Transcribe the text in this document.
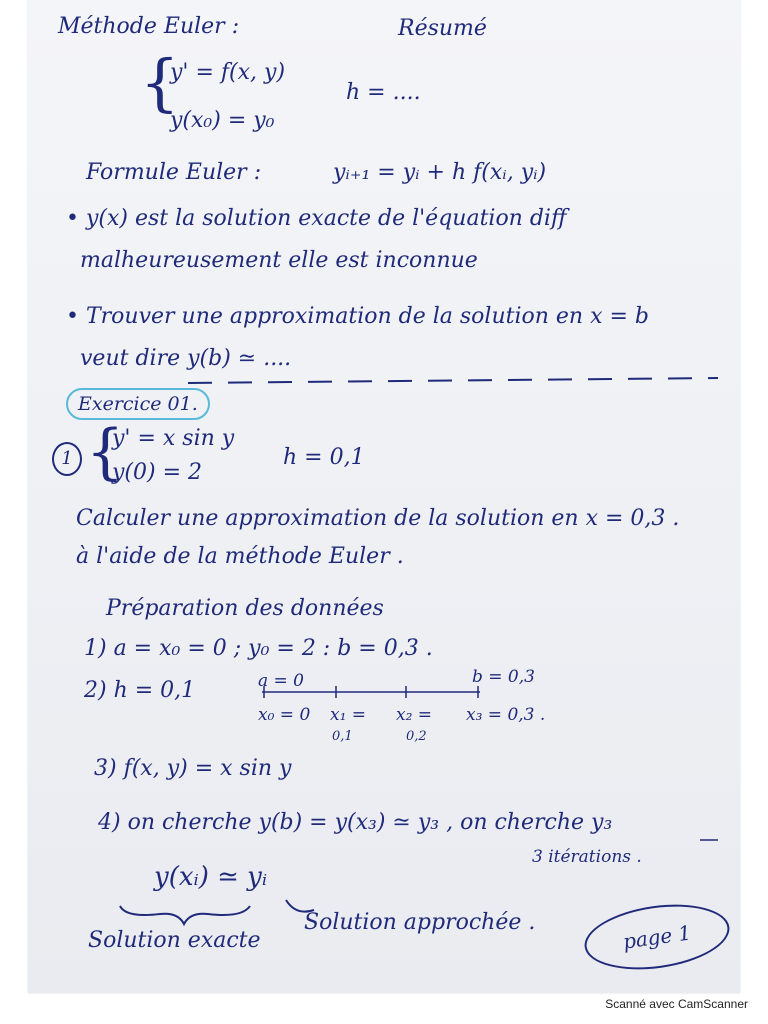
Méthode Euler :	Résumé
{
y' = f(x, y)
y(x₀) = y₀
h = ....
Formule Euler :	yᵢ₊₁ = yᵢ + h f(xᵢ, yᵢ)
• y(x) est la solution exacte de l'équation diff
malheureusement elle est inconnue
• Trouver une approximation de la solution en x = b
veut dire y(b) ≃ ....
Exercice 01.
1 {
y' = x sin y
y(0) = 2
h = 0,1
Calculer une approximation de la solution en x = 0,3 .
à l'aide de la méthode Euler .
Préparation des données
1) a = x₀ = 0 ; y₀ = 2 : b = 0,3 .
2) h = 0,1	a = 0	b = 0,3
x₀ = 0 x₁ =
0,1
x₂ =
0,2
x₃ = 0,3 .
3) f(x, y) = x sin y
4) on cherche y(b) = y(x₃) ≃ y₃ , on cherche y₃
3 itérations .
y(xᵢ) ≃ yᵢ
Solution exacte
Solution approchée .	page 1
Scanné avec CamScanner
